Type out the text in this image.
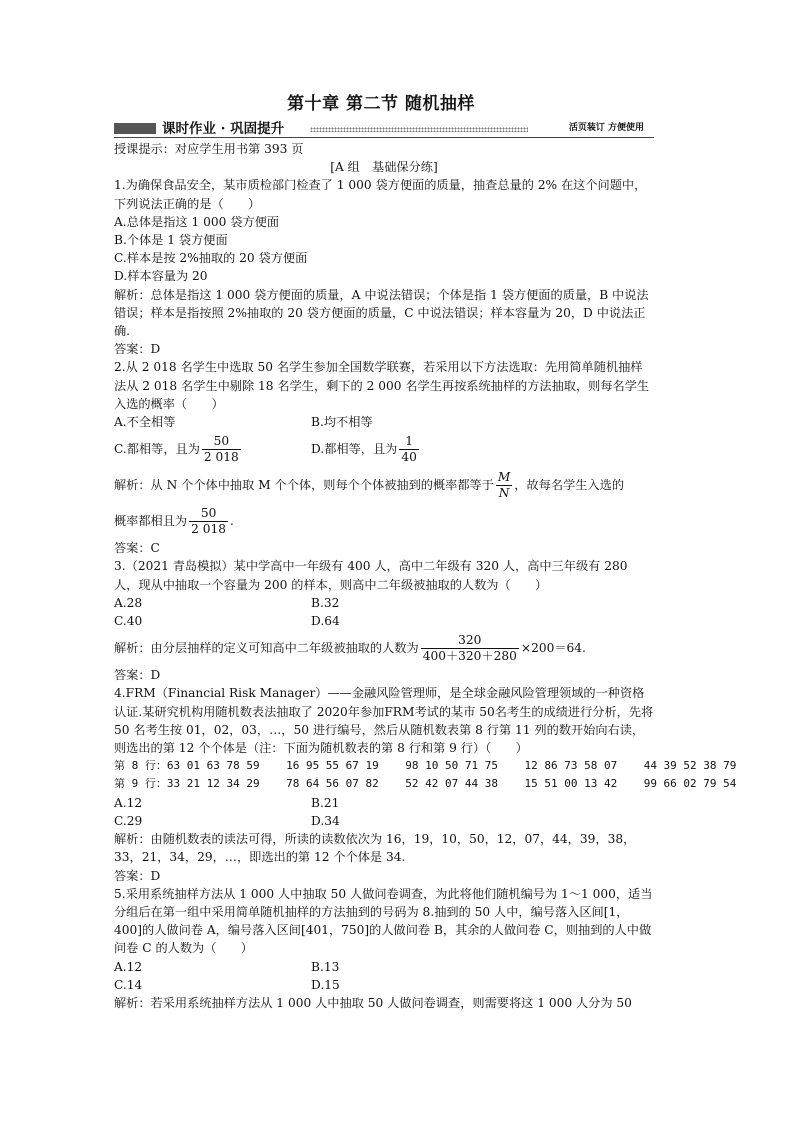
第十章 第二节 随机抽样
课时作业 · 巩固提升	活页装订 方便使用

授课提示：对应学生用书第 393 页

[A 组　基础保分练]

1.为确保食品安全，某市质检部门检查了 1 000 袋方便面的质量，抽查总量的 2% 在这个问题中，下列说法正确的是（　　）

A.总体是指这 1 000 袋方便面

B.个体是 1 袋方便面

C.样本是按 2%抽取的 20 袋方便面

D.样本容量为 20

解析：总体是指这 1 000 袋方便面的质量，A 中说法错误；个体是指 1 袋方便面的质量，B 中说法错误；样本是指按照 2%抽取的 20 袋方便面的质量，C 中说法错误；样本容量为 20，D 中说法正确.

答案：D

2.从 2 018 名学生中选取 50 名学生参加全国数学联赛，若采用以下方法选取：先用简单随机抽样法从 2 018 名学生中剔除 18 名学生，剩下的 2 000 名学生再按系统抽样的方法抽取，则每名学生入选的概率（　　）

A.不全相等	B.均不相等
C.都相等，且为 $\frac{50}{2 018}$	D.都相等，且为 $\frac{1}{40}$

解析：从 N 个个体中抽取 M 个个体，则每个个体被抽到的概率都等于 $\frac{M}{N}$ ，故每名学生入选的

概率都相且为 $\frac{50}{2 018}$ .

答案：C

3.（2021 青岛模拟）某中学高中一年级有 400 人，高中二年级有 320 人，高中三年级有 280 人，现从中抽取一个容量为 200 的样本，则高中二年级被抽取的人数为（　　）

A.28	B.32
C.40	D.64

解析：由分层抽样的定义可知高中二年级被抽取的人数为 $\frac{320}{400+320+280} \times 200=64$.

答案：D

4.FRM（Financial Risk Manager）——金融风险管理师，是全球金融风险管理领域的一种资格认证.某研究机构用随机数表法抽取了 2020年参加FRM考试的某市 50名考生的成绩进行分析，先将 50 名考生按 01，02，03，…，50 进行编号，然后从随机数表第 8 行第 11 列的数开始向右读，则选出的第 12 个个体是（注：下面为随机数表的第 8 行和第 9 行）（　　）

第 8 行：63 01 63 78 59    16 95 55 67 19    98 10 50 71 75    12 86 73 58 07    44 39 52 38 79

第 9 行：33 21 12 34 29    78 64 56 07 82    52 42 07 44 38    15 51 00 13 42    99 66 02 79 54

A.12	B.21
C.29	D.34

解析：由随机数表的读法可得，所读的读数依次为 16，19，10，50，12，07，44，39，38，33，21，34，29，…，即选出的第 12 个个体是 34.

答案：D

5.采用系统抽样方法从 1 000 人中抽取 50 人做问卷调查，为此将他们随机编号为 1～1 000，适当分组后在第一组中采用简单随机抽样的方法抽到的号码为 8.抽到的 50 人中，编号落入区间[1，400]的人做问卷 A，编号落入区间[401，750]的人做问卷 B，其余的人做问卷 C，则抽到的人中做问卷 C 的人数为（　　）

A.12	B.13
C.14	D.15

解析：若采用系统抽样方法从 1 000 人中抽取 50 人做问卷调查，则需要将这 1 000 人分为 50
